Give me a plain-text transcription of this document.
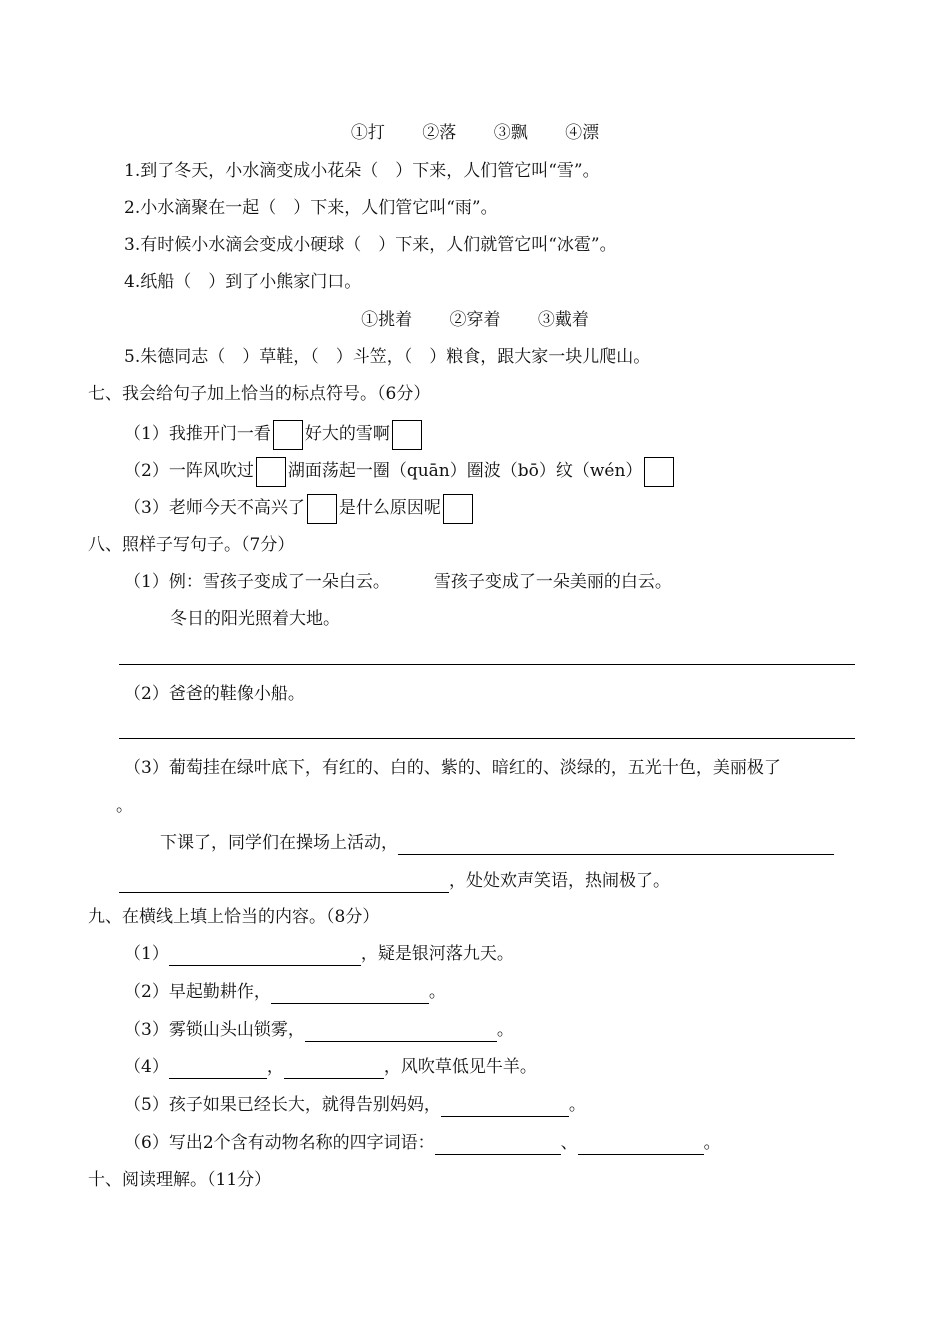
①打 ②落 ③飘 ④漂
1.到了冬天，小水滴变成小花朵（　）下来，人们管它叫“雪”。
2.小水滴聚在一起（　）下来，人们管它叫“雨”。
3.有时候小水滴会变成小硬球（　）下来，人们就管它叫“冰雹”。
4.纸船（　）到了小熊家门口。
①挑着 ②穿着 ③戴着
5.朱德同志（　）草鞋，（　）斗笠，（　）粮食，跟大家一块儿爬山。
七、我会给句子加上恰当的标点符号。（6分）
（1）我推开门一看 好大的雪啊
（2）一阵风吹过 湖面荡起一圈（quān）圈波（bō）纹（wén）
（3）老师今天不高兴了 是什么原因呢
八、照样子写句子。（7分）
（1）例：雪孩子变成了一朵白云。	雪孩子变成了一朵美丽的白云。
冬日的阳光照着大地。
（2）爸爸的鞋像小船。
（3）葡萄挂在绿叶底下，有红的、白的、紫的、暗红的、淡绿的，五光十色，美丽极了
。
下课了，同学们在操场上活动，
，处处欢声笑语，热闹极了。
九、在横线上填上恰当的内容。（8分）
（1）	，疑是银河落九天。
（2）早起勤耕作，	。
（3）雾锁山头山锁雾，	。
（4）	，	，风吹草低见牛羊。
（5）孩子如果已经长大，就得告别妈妈，	。
（6）写出2个含有动物名称的四字词语：	、	。
十、阅读理解。（11分）
